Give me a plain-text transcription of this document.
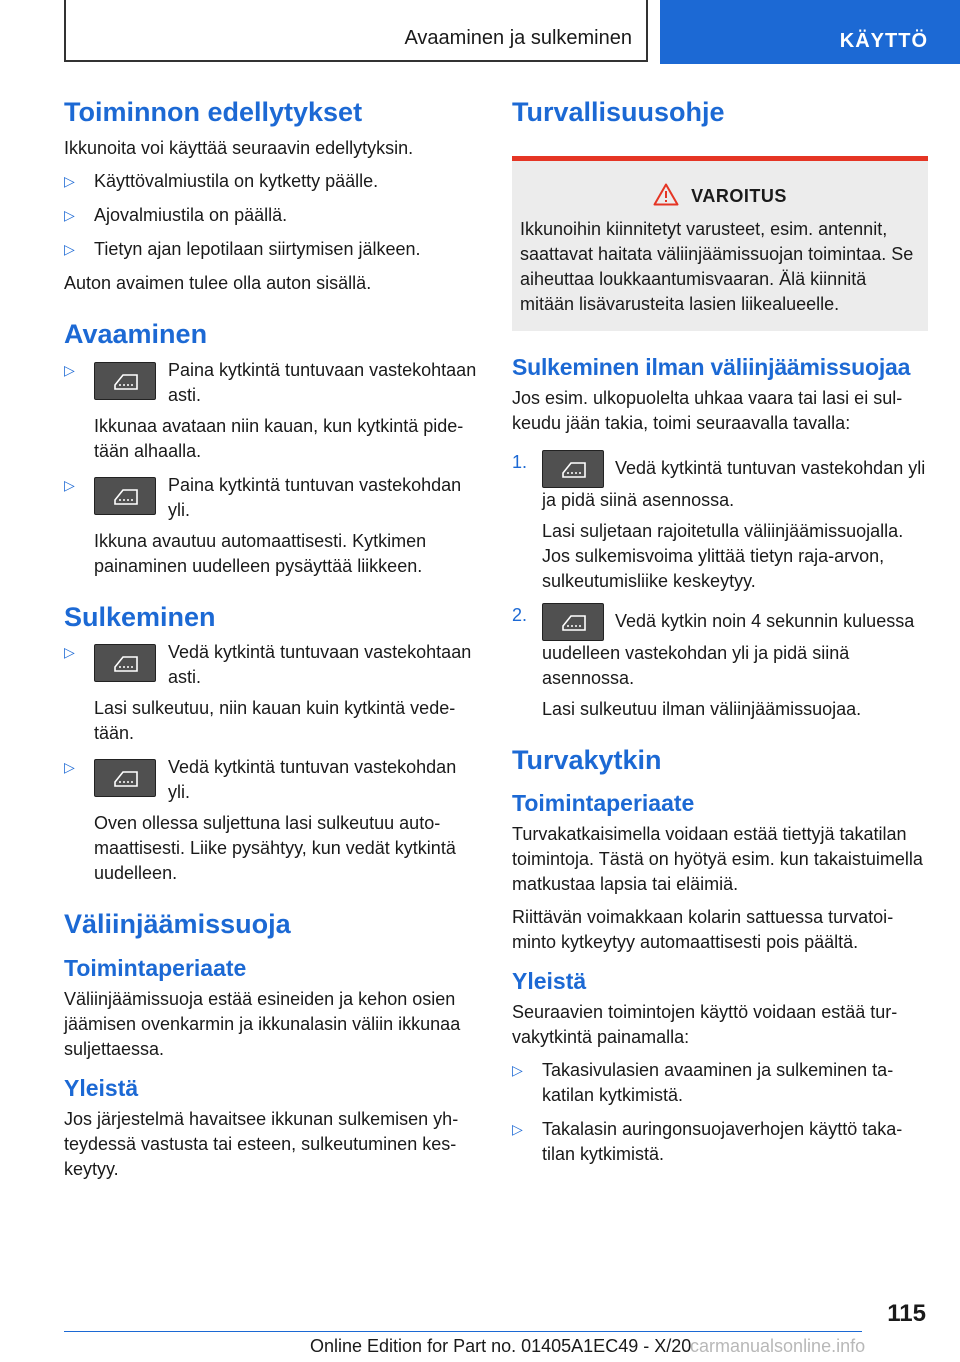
Avaaminen ja sulkeminen	KÄYTTÖ
Toiminnon edellytykset

Ikkunoita voi käyttää seuraavin edellytyksin.

▷ Käyttövalmiustila on kytketty päälle.
▷ Ajovalmiustila on päällä.
▷ Tietyn ajan lepotilaan siirtymisen jälkeen.

Auton avaimen tulee olla auton sisällä.

Avaaminen
▷	Paina kytkintä tuntuvaan vastekohtaan asti.

Ikkunaa avataan niin kauan, kun kytkintä pidetään alhaalla.

▷	Paina kytkintä tuntuvan vastekohdan yli.

Ikkuna avautuu automaattisesti. Kytkimen painaminen uudelleen pysäyttää liikkeen.

Sulkeminen
▷	Vedä kytkintä tuntuvaan vastekohtaan asti.

Lasi sulkeutuu, niin kauan kuin kytkintä vedetään.

▷	Vedä kytkintä tuntuvan vastekohdan yli.

Oven ollessa suljettuna lasi sulkeutuu automaattisesti. Liike pysähtyy, kun vedät kytkintä uudelleen.

Väliinjäämissuoja
Toimintaperiaate

Väliinjäämissuoja estää esineiden ja kehon osien jäämisen ovenkarmin ja ikkunalasin väliin ikkunaa suljettaessa.

Yleistä

Jos järjestelmä havaitsee ikkunan sulkemisen yhteydessä vastusta tai esteen, sulkeutuminen keskeytyy.

Turvallisuusohje
VAROITUS

Ikkunoihin kiinnitetyt varusteet, esim. antennit, saattavat haitata väliinjäämissuojan toimintaa. Se aiheuttaa loukkaantumisvaaran. Älä kiinnitä mitään lisävarusteita lasien liikealueelle.

Sulkeminen ilman väliinjäämissuojaa

Jos esim. ulkopuolelta uhkaa vaara tai lasi ei sulkeudu jään takia, toimi seuraavalla tavalla:

1.	Vedä kytkintä tuntuvan vastekohdan yli ja pidä siinä asennossa.

Lasi suljetaan rajoitetulla väliinjäämissuojalla. Jos sulkemisvoima ylittää tietyn raja-arvon, sulkeutumisliike keskeytyy.

2.	Vedä kytkin noin 4 sekunnin kuluessa uudelleen vastekohdan yli ja pidä siinä asennossa.

Lasi sulkeutuu ilman väliinjäämissuojaa.

Turvakytkin
Toimintaperiaate

Turvakatkaisimella voidaan estää tiettyjä takatilan toimintoja. Tästä on hyötyä esim. kun takaistuimella matkustaa lapsia tai eläimiä.

Riittävän voimakkaan kolarin sattuessa turvatoiminto kytkeytyy automaattisesti pois päältä.

Yleistä

Seuraavien toimintojen käyttö voidaan estää turvakytkintä painamalla:

▷ Takasivulasien avaaminen ja sulkeminen takatilan kytkimistä.
▷ Takalasin auringonsuojaverhojen käyttö takatilan kytkimistä.
115
Online Edition for Part no. 01405A1EC49 - X/20
carmanualsonline.info
